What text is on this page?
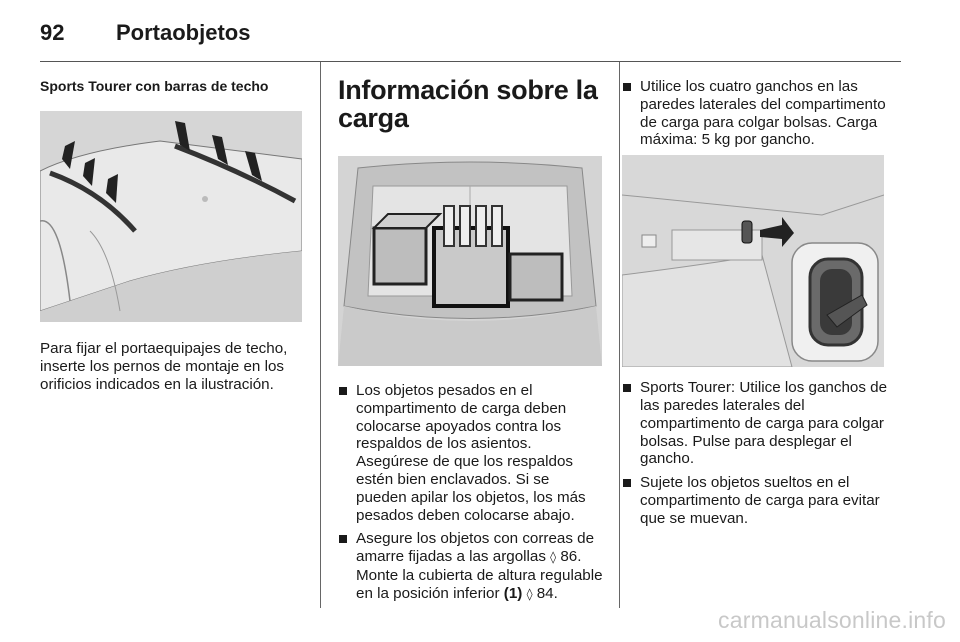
92 Portaobjetos
Sports Tourer con barras de techo

Para fijar el portaequipajes de techo, inserte los pernos de montaje en los orificios indicados en la ilustración.

Información sobre la
carga
Los objetos pesados en el compartimento de carga deben colocarse apoyados contra los respaldos de los asientos. Asegúrese de que los respaldos estén bien enclavados. Si se pueden apilar los objetos, los más pesados deben colocarse abajo.
Asegure los objetos con correas de amarre fijadas a las argollas ◊ 86. Monte la cubierta de altura regulable en la posición inferior (1) ◊ 84.
Utilice los cuatro ganchos en las paredes laterales del compartimento de carga para colgar bolsas. Carga máxima: 5 kg por gancho.
Sports Tourer: Utilice los ganchos de las paredes laterales del compartimento de carga para colgar bolsas. Pulse para desplegar el gancho.
Sujete los objetos sueltos en el compartimento de carga para evitar que se muevan.
carmanualsonline.info
